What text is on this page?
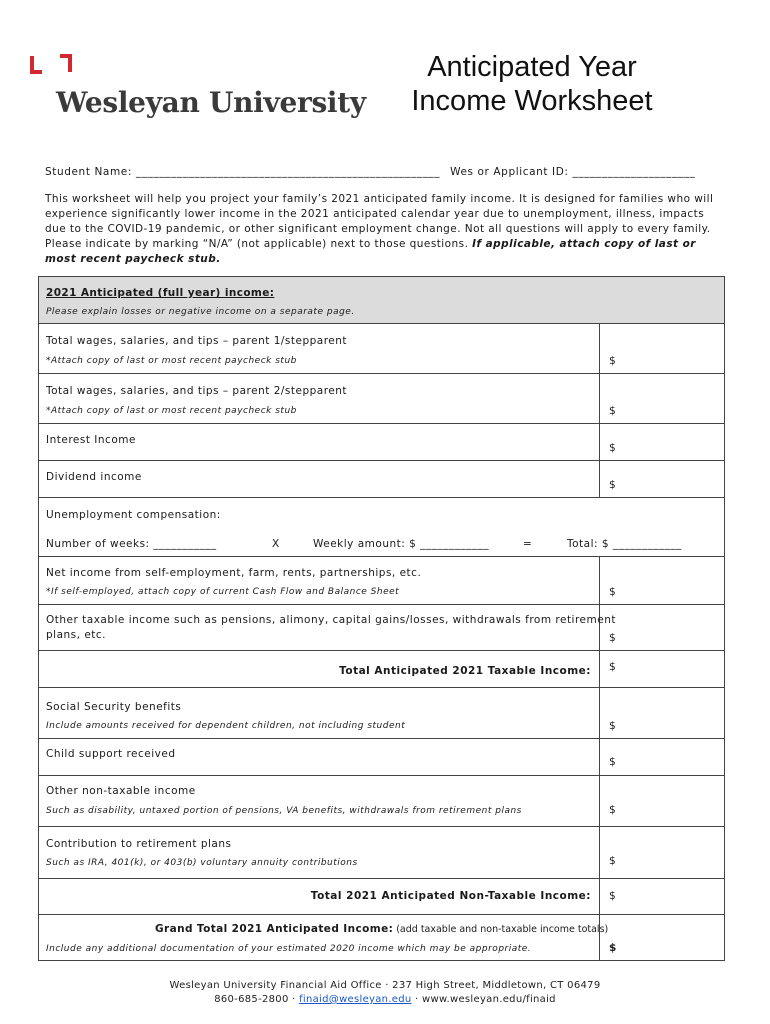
Wesleyan University
Anticipated Year
Income Worksheet
Student Name: ____________________________________________________ Wes or Applicant ID: _____________________
This worksheet will help you project your family’s 2021 anticipated family income. It is designed for families who will experience significantly lower income in the 2021 anticipated calendar year due to unemployment, illness, impacts due to the COVID-19 pandemic, or other significant employment change. Not all questions will apply to every family. Please indicate by marking “N/A” (not applicable) next to those questions. If applicable, attach copy of last or most recent paycheck stub.
2021 Anticipated (full year) income:
Please explain losses or negative income on a separate page.
Total wages, salaries, and tips – parent 1/stepparent
*Attach copy of last or most recent paycheck stub	$
Total wages, salaries, and tips – parent 2/stepparent
*Attach copy of last or most recent paycheck stub	$
Interest Income
$
Dividend income
$
Unemployment compensation:
Number of weeks: ___________	X	Weekly amount: $ ____________	=	Total: $ ____________
Net income from self-employment, farm, rents, partnerships, etc.
*If self-employed, attach copy of current Cash Flow and Balance Sheet	$
Other taxable income such as pensions, alimony, capital gains/losses, withdrawals from retirement
plans, etc.	$
Total Anticipated 2021 Taxable Income: $
Social Security benefits
Include amounts received for dependent children, not including student	$
Child support received
$
Other non-taxable income
Such as disability, untaxed portion of pensions, VA benefits, withdrawals from retirement plans	$
Contribution to retirement plans
Such as IRA, 401(k), or 403(b) voluntary annuity contributions	$
Total 2021 Anticipated Non-Taxable Income: $
Grand Total 2021 Anticipated Income: (add taxable and non-taxable income totals)
Include any additional documentation of your estimated 2020 income which may be appropriate.	$
Wesleyan University Financial Aid Office · 237 High Street, Middletown, CT 06479
860-685-2800 · finaid@wesleyan.edu · www.wesleyan.edu/finaid
